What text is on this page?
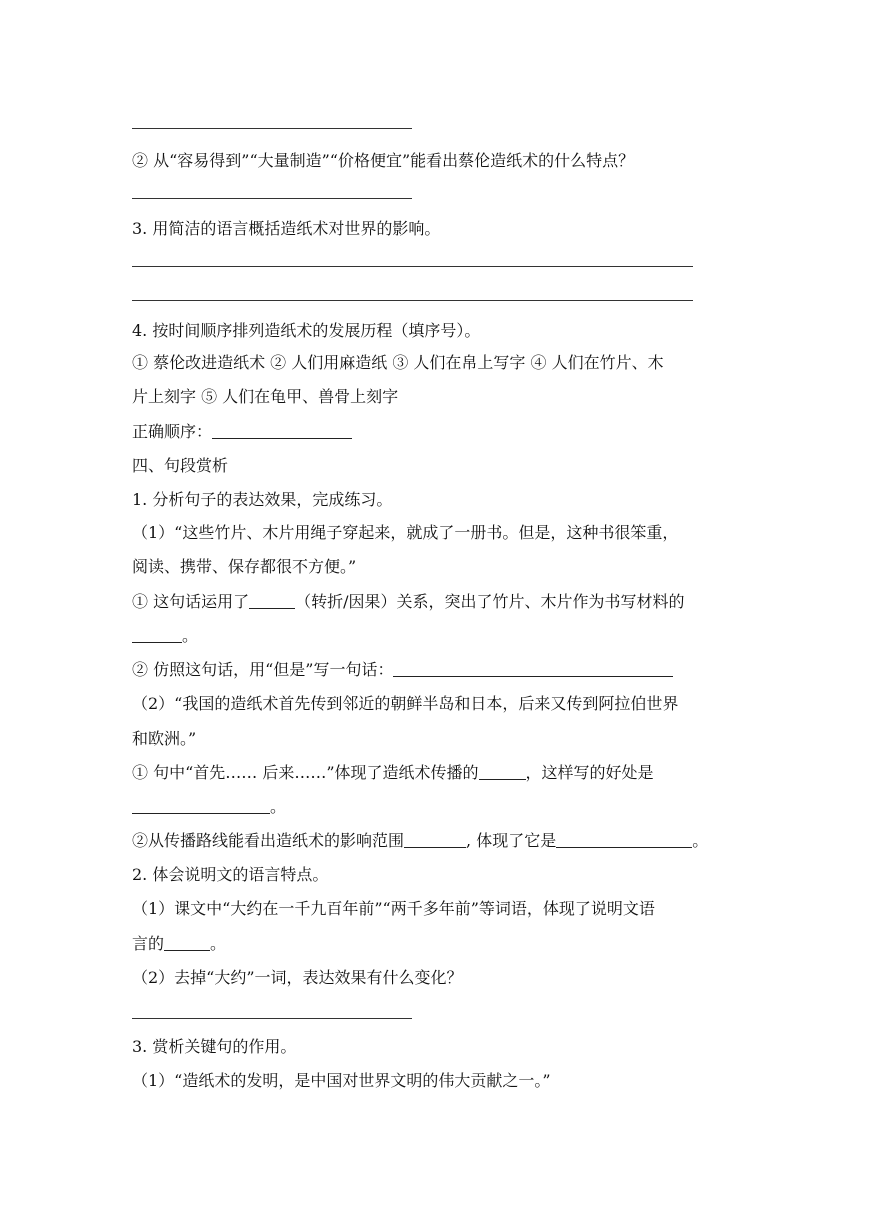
② 从“容易得到”“大量制造”“价格便宜”能看出蔡伦造纸术的什么特点？
3. 用简洁的语言概括造纸术对世界的影响。
4. 按时间顺序排列造纸术的发展历程（填序号）。
① 蔡伦改进造纸术 ② 人们用麻造纸 ③ 人们在帛上写字 ④ 人们在竹片、木
片上刻字 ⑤ 人们在龟甲、兽骨上刻字
正确顺序：
四、句段赏析
1. 分析句子的表达效果，完成练习。
（1）“这些竹片、木片用绳子穿起来，就成了一册书。但是，这种书很笨重，
阅读、携带、保存都很不方便。”
① 这句话运用了	（转折/因果）关系，突出了竹片、木片作为书写材料的
。
② 仿照这句话，用“但是”写一句话：
（2）“我国的造纸术首先传到邻近的朝鲜半岛和日本，后来又传到阿拉伯世界
和欧洲。”
① 句中“首先…… 后来……”体现了造纸术传播的	，这样写的好处是
。
②从传播路线能看出造纸术的影响范围	, 体现了它是	。
2. 体会说明文的语言特点。
（1）课文中“大约在一千九百年前”“两千多年前”等词语，体现了说明文语
言的	。
（2）去掉“大约”一词，表达效果有什么变化？
3. 赏析关键句的作用。
（1）“造纸术的发明，是中国对世界文明的伟大贡献之一。”
